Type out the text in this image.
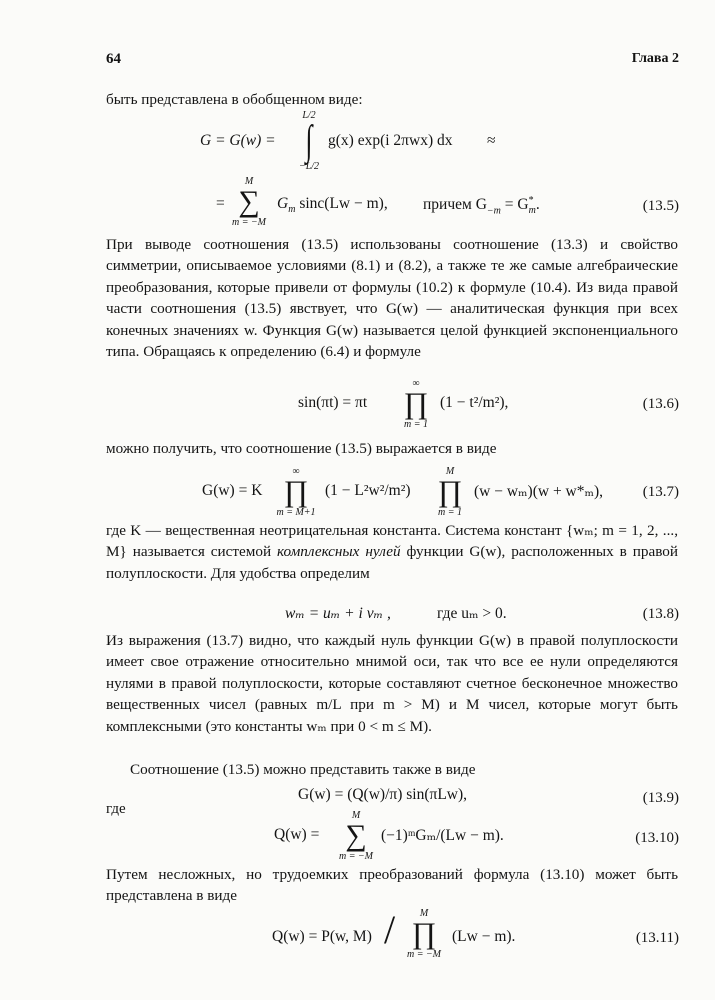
64	Глава 2

быть представлена в обобщенном виде:

G = G(w) =
L/2
∫
−L/2
g(x) exp(i 2πwx) dx ≈
=
M
∑
m = −M
$G_m$ sinc(Lw − m), причем $G_{-m} = G^*_m$.	(13.5)

При выводе соотношения (13.5) использованы соотношение (13.3) и свойство симметрии, описываемое условиями (8.1) и (8.2), а также те же самые алгебраические преобразования, которые привели от формулы (10.2) к формуле (10.4). Из вида правой части соотношения (13.5) явствует, что G(w) — аналитическая функция при всех конечных значениях w. Функция G(w) называется целой функцией экспоненциального типа. Обращаясь к определению (6.4) и формуле

sin(πt) = πt
∞
∏
m = 1
(1 − t²/m²),	(13.6)

можно получить, что соотношение (13.5) выражается в виде

G(w) = K
∞
∏
m = M+1
(1 − L²w²/m²)
M
∏
m = 1
(w − wₘ)(w + w*ₘ),	(13.7)

где K — вещественная неотрицательная константа. Система констант {wₘ; m = 1, 2, ..., M} называется системой комплексных нулей функции G(w), расположенных в правой полуплоскости. Для удобства определим

wₘ = uₘ + i vₘ ,	где uₘ > 0.	(13.8)

Из выражения (13.7) видно, что каждый нуль функции G(w) в правой полуплоскости имеет свое отражение относительно мнимой оси, так что все ее нули определяются нулями в правой полуплоскости, которые составляют счетное бесконечное множество вещественных чисел (равных m/L при m > M) и M чисел, которые могут быть комплексными (это константы wₘ при 0 < m ≤ M).

Соотношение (13.5) можно представить также в виде

G(w) = (Q(w)/π) sin(πLw),	(13.9)
где
Q(w) =
M
∑
m = −M
(−1)ᵐGₘ/(Lw − m).	(13.10)

Путем несложных, но трудоемких преобразований формула (13.10) может быть представлена в виде

Q(w) = P(w, M) /	M
∏
m = −M
(Lw − m).	(13.11)
